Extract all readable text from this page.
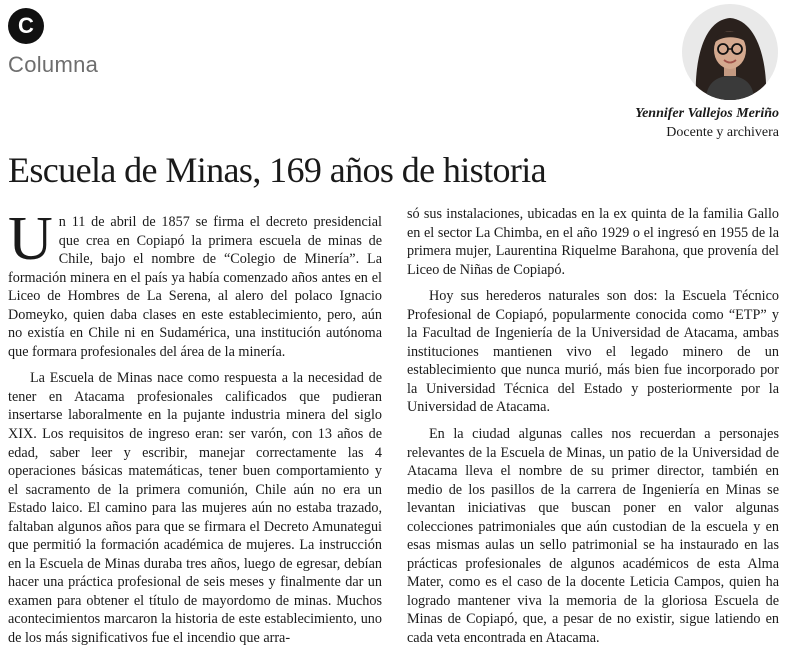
C
Columna
Yennifer Vallejos Meriño
Docente y archivera
Escuela de Minas, 169 años de historia

Un 11 de abril de 1857 se firma el decreto presidencial que crea en Copiapó la primera escuela de minas de Chile, bajo el nombre de “Colegio de Minería”. La formación minera en el país ya había comenzado años antes en el Liceo de Hombres de La Serena, al alero del polaco Ignacio Domeyko, quien daba clases en este establecimiento, pero, aún no existía en Chile ni en Sudamérica, una institución autónoma que formara profesionales del área de la minería.

La Escuela de Minas nace como respuesta a la necesidad de tener en Atacama profesionales calificados que pudieran insertarse laboralmente en la pujante industria minera del siglo XIX. Los requisitos de ingreso eran: ser varón, con 13 años de edad, saber leer y escribir, manejar correctamente las 4 operaciones básicas matemáticas, tener buen comportamiento y el sacramento de la primera comunión, Chile aún no era un Estado laico. El camino para las mujeres aún no estaba trazado, faltaban algunos años para que se firmara el Decreto Amunategui que permitió la formación académica de mujeres. La instrucción en la Escuela de Minas duraba tres años, luego de egresar, debían hacer una práctica profesional de seis meses y finalmente dar un examen para obtener el título de mayordomo de minas. Muchos acontecimientos marcaron la historia de este establecimiento, uno de los más significativos fue el incendio que arra-

só sus instalaciones, ubicadas en la ex quinta de la familia Gallo en el sector La Chimba, en el año 1929 o el ingresó en 1955 de la primera mujer, Laurentina Riquelme Barahona, que provenía del Liceo de Niñas de Copiapó.

Hoy sus herederos naturales son dos: la Escuela Técnico Profesional de Copiapó, popularmente conocida como “ETP” y la Facultad de Ingeniería de la Universidad de Atacama, ambas instituciones mantienen vivo el legado minero de un establecimiento que nunca murió, más bien fue incorporado por la Universidad Técnica del Estado y posteriormente por la Universidad de Atacama.

En la ciudad algunas calles nos recuerdan a personajes relevantes de la Escuela de Minas, un patio de la Universidad de Atacama lleva el nombre de su primer director, también en medio de los pasillos de la carrera de Ingeniería en Minas se levantan iniciativas que buscan poner en valor algunas colecciones patrimoniales que aún custodian de la escuela y en esas mismas aulas un sello patrimonial se ha instaurado en las prácticas profesionales de algunos académicos de esta Alma Mater, como es el caso de la docente Leticia Campos, quien ha logrado mantener viva la memoria de la gloriosa Escuela de Minas de Copiapó, que, a pesar de no existir, sigue latiendo en cada veta encontrada en Atacama.
